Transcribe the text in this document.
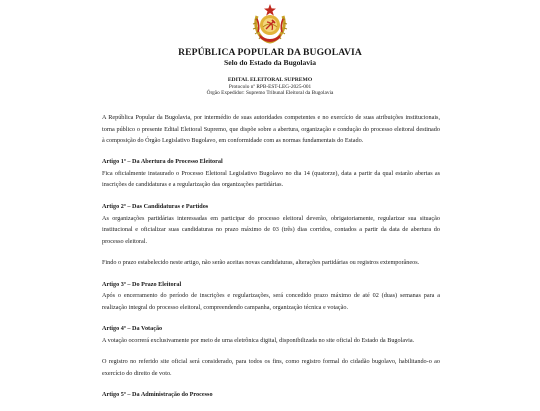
REPÚBLICA POPULAR DA BUGOLAVIA
Selo do Estado da Bugolavia
EDITAL ELEITORAL SUPREMO
Protocolo nº RPB-EST-LEG-2025-001
Órgão Expedidor: Supremo Tribunal Eleitoral da Bugolavia

A República Popular da Bugolavia, por intermédio de suas autoridades competentes e no exercício de suas atribuições institucionais, torna público o presente Edital Eleitoral Supremo, que dispõe sobre a abertura, organização e condução do processo eleitoral destinado à composição do Órgão Legislativo Bugolavo, em conformidade com as normas fundamentais do Estado.

Artigo 1º – Da Abertura do Processo Eleitoral

Fica oficialmente instaurado o Processo Eleitoral Legislativo Bugolavo no dia 14 (quatorze), data a partir da qual estarão abertas as inscrições de candidaturas e a regularização das organizações partidárias.

Artigo 2º – Das Candidaturas e Partidos

As organizações partidárias interessadas em participar do processo eleitoral deverão, obrigatoriamente, regularizar sua situação institucional e oficializar suas candidaturas no prazo máximo de 03 (três) dias corridos, contados a partir da data de abertura do processo eleitoral.

Findo o prazo estabelecido neste artigo, não serão aceitas novas candidaturas, alterações partidárias ou registros extemporâneos.

Artigo 3º – Do Prazo Eleitoral

Após o encerramento do período de inscrições e regularizações, será concedido prazo máximo de até 02 (duas) semanas para a realização integral do processo eleitoral, compreendendo campanha, organização técnica e votação.

Artigo 4º – Da Votação

A votação ocorrerá exclusivamente por meio de urna eletrônica digital, disponibilizada no site oficial do Estado da Bugolavia.

O registro no referido site oficial será considerado, para todos os fins, como registro formal do cidadão bugolavo, habilitando-o ao exercício do direito de voto.

Artigo 5º – Da Administração do Processo
